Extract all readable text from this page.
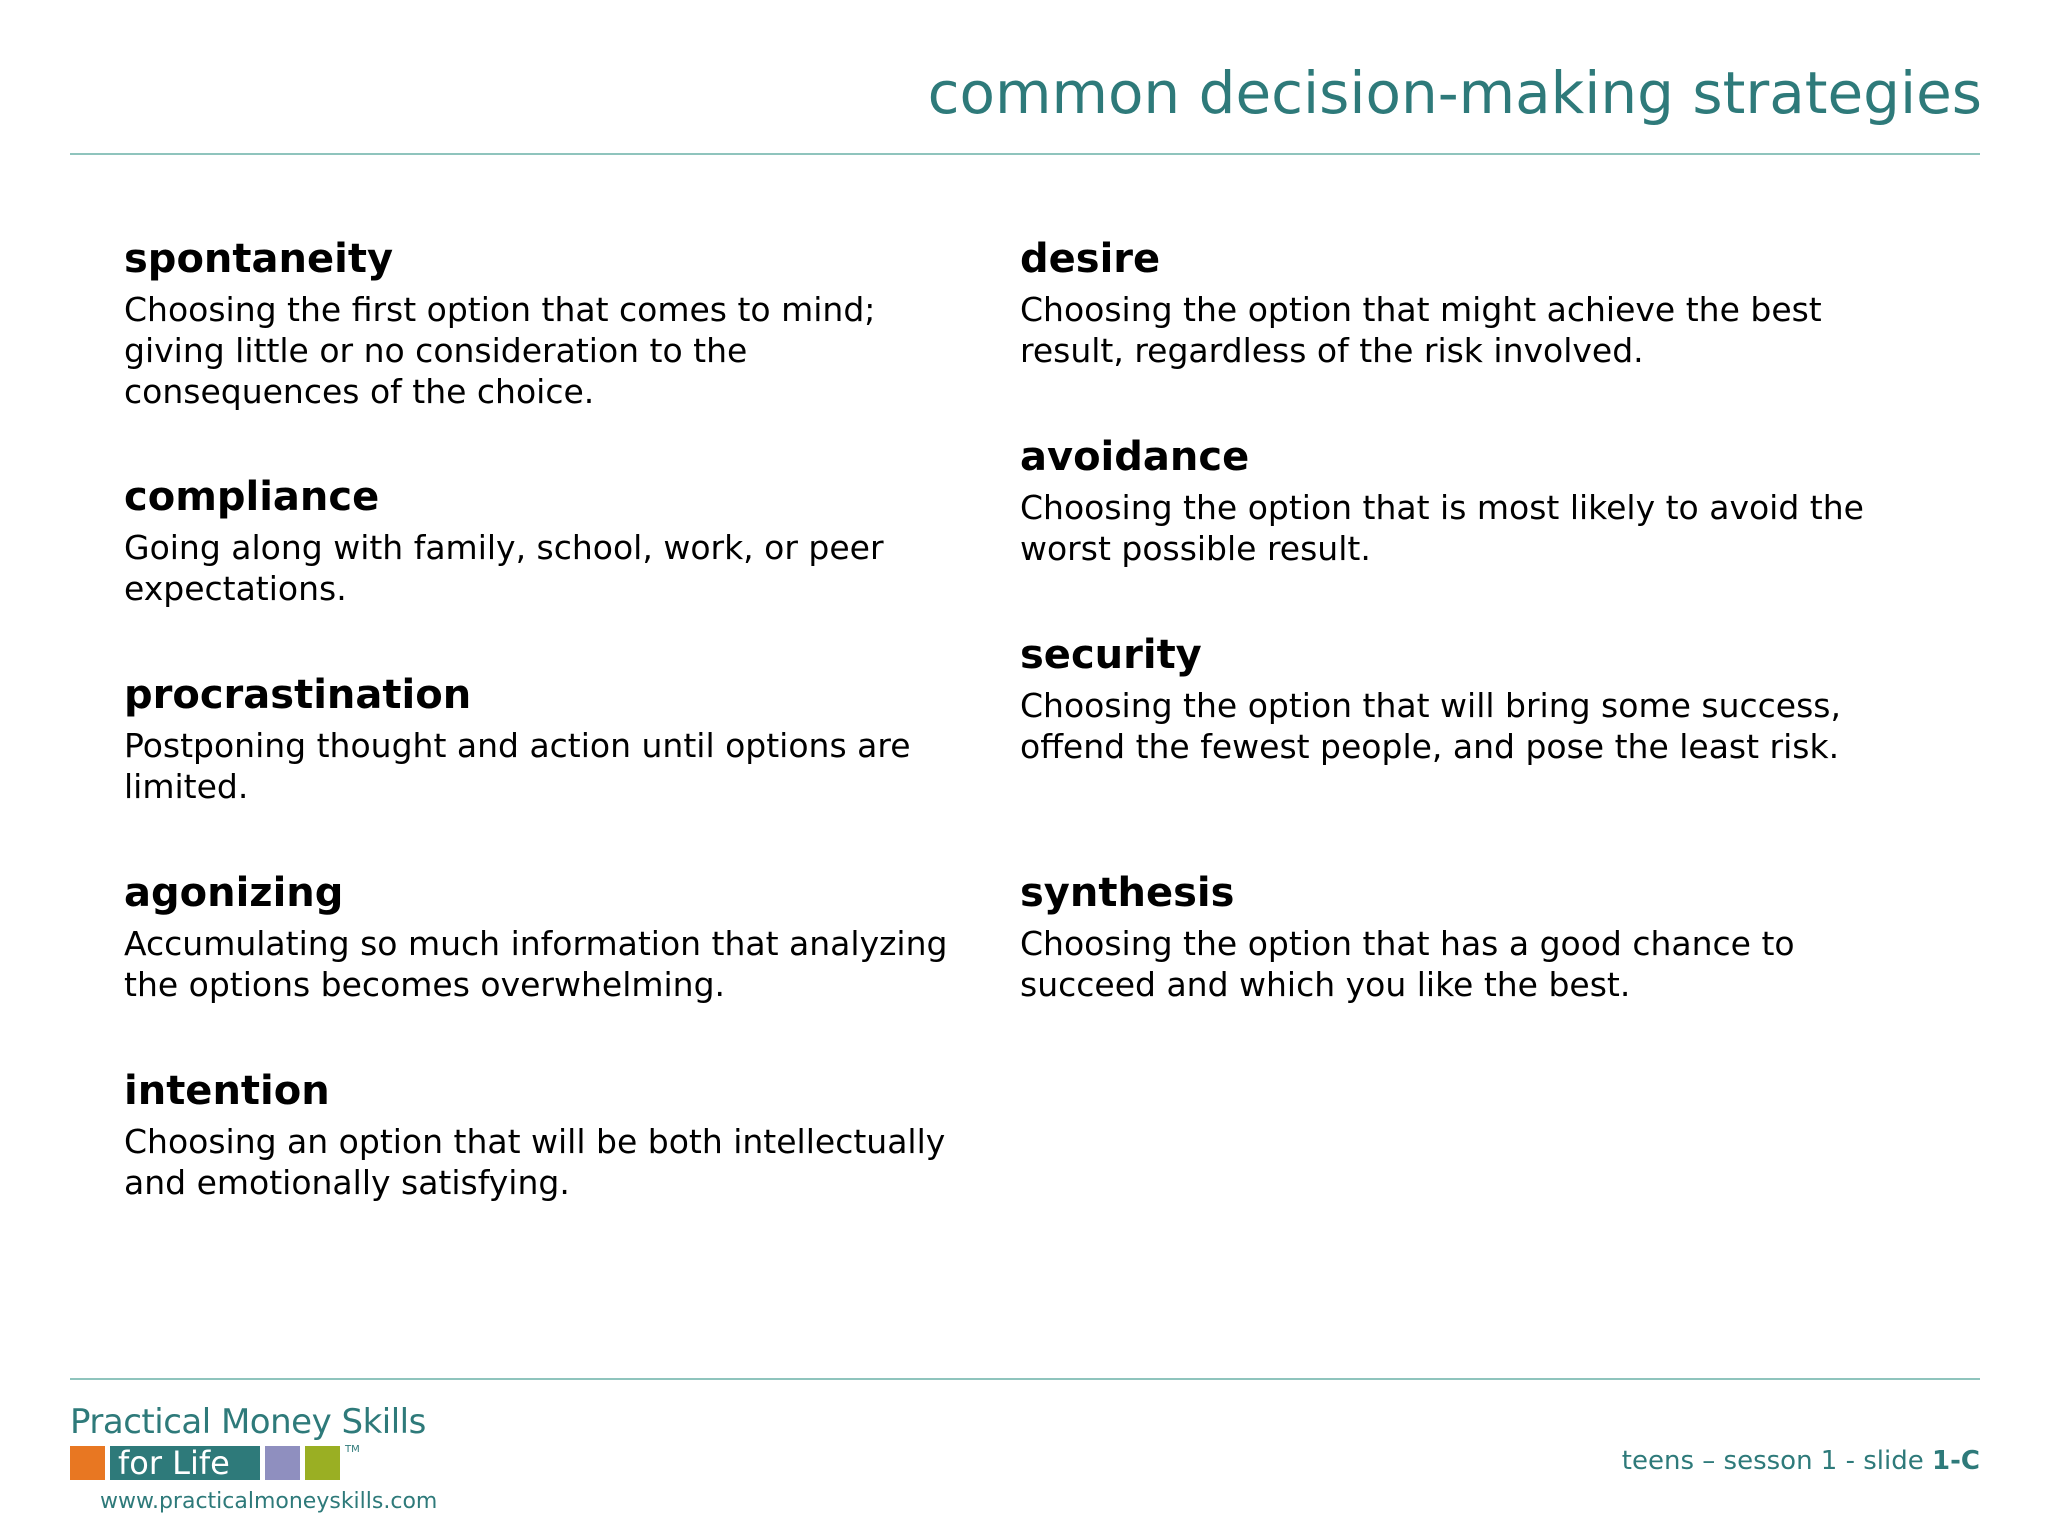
common decision-making strategies
spontaneity
Choosing the first option that comes to mind; giving little or no consideration to the consequences of the choice.
compliance
Going along with family, school, work, or peer expectations.
procrastination
Postponing thought and action until options are limited.
agonizing
Accumulating so much information that analyzing the options becomes overwhelming.
intention
Choosing an option that will be both intellectually and emotionally satisfying.
desire
Choosing the option that might achieve the best result, regardless of the risk involved.
avoidance
Choosing the option that is most likely to avoid the worst possible result.
security
Choosing the option that will bring some success, offend the fewest people, and pose the least risk.
synthesis
Choosing the option that has a good chance to succeed and which you like the best.
Practical Money Skills
for Life	TM
www.practicalmoneyskills.com
teens – sesson 1 - slide 1-C
